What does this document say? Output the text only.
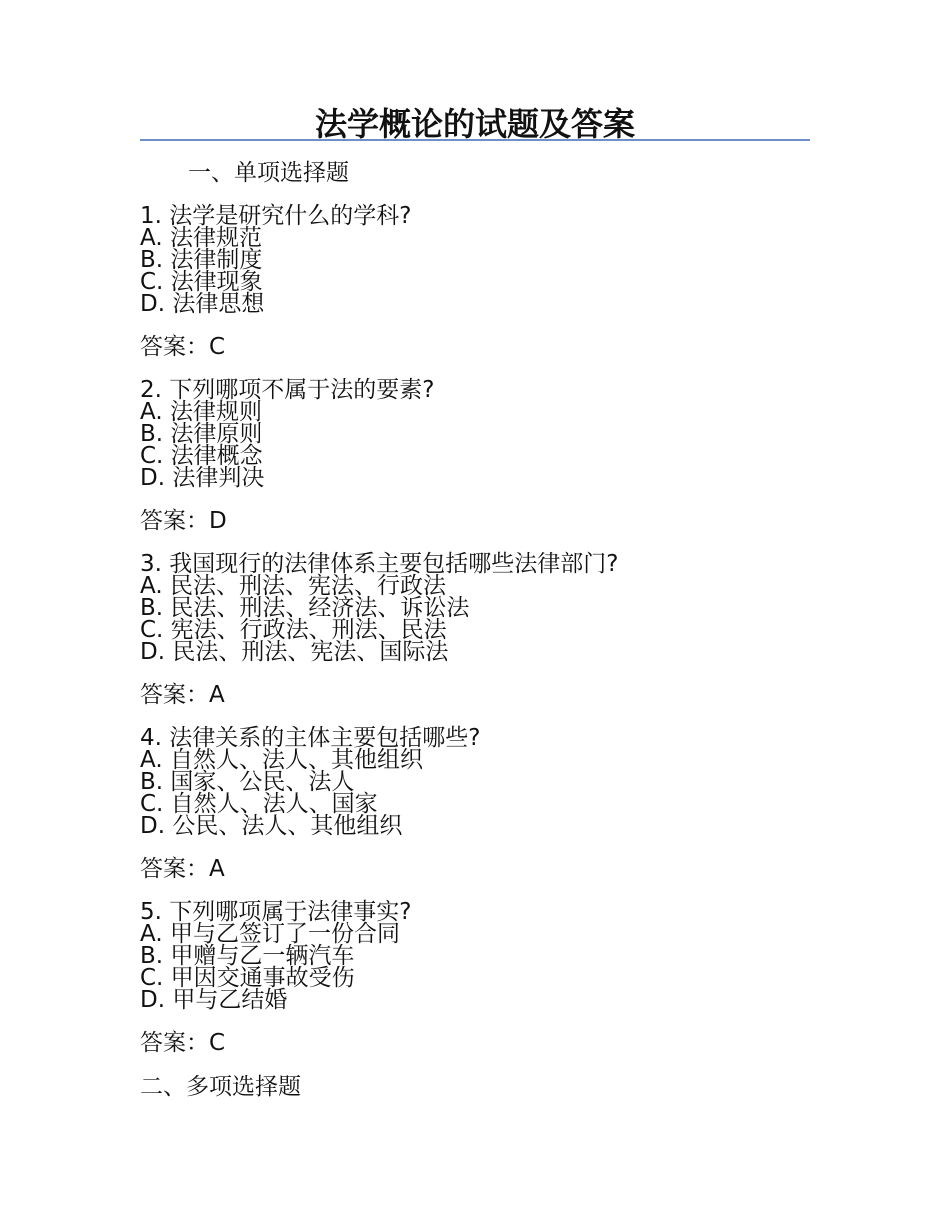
法学概论的试题及答案
一、单项选择题
1. 法学是研究什么的学科?
A. 法律规范
B. 法律制度
C. 法律现象
D. 法律思想
答案：C
2. 下列哪项不属于法的要素?
A. 法律规则
B. 法律原则
C. 法律概念
D. 法律判决
答案：D
3. 我国现行的法律体系主要包括哪些法律部门?
A. 民法、刑法、宪法、行政法
B. 民法、刑法、经济法、诉讼法
C. 宪法、行政法、刑法、民法
D. 民法、刑法、宪法、国际法
答案：A
4. 法律关系的主体主要包括哪些?
A. 自然人、法人、其他组织
B. 国家、公民、法人
C. 自然人、法人、国家
D. 公民、法人、其他组织
答案：A
5. 下列哪项属于法律事实?
A. 甲与乙签订了一份合同
B. 甲赠与乙一辆汽车
C. 甲因交通事故受伤
D. 甲与乙结婚
答案：C
二、多项选择题
